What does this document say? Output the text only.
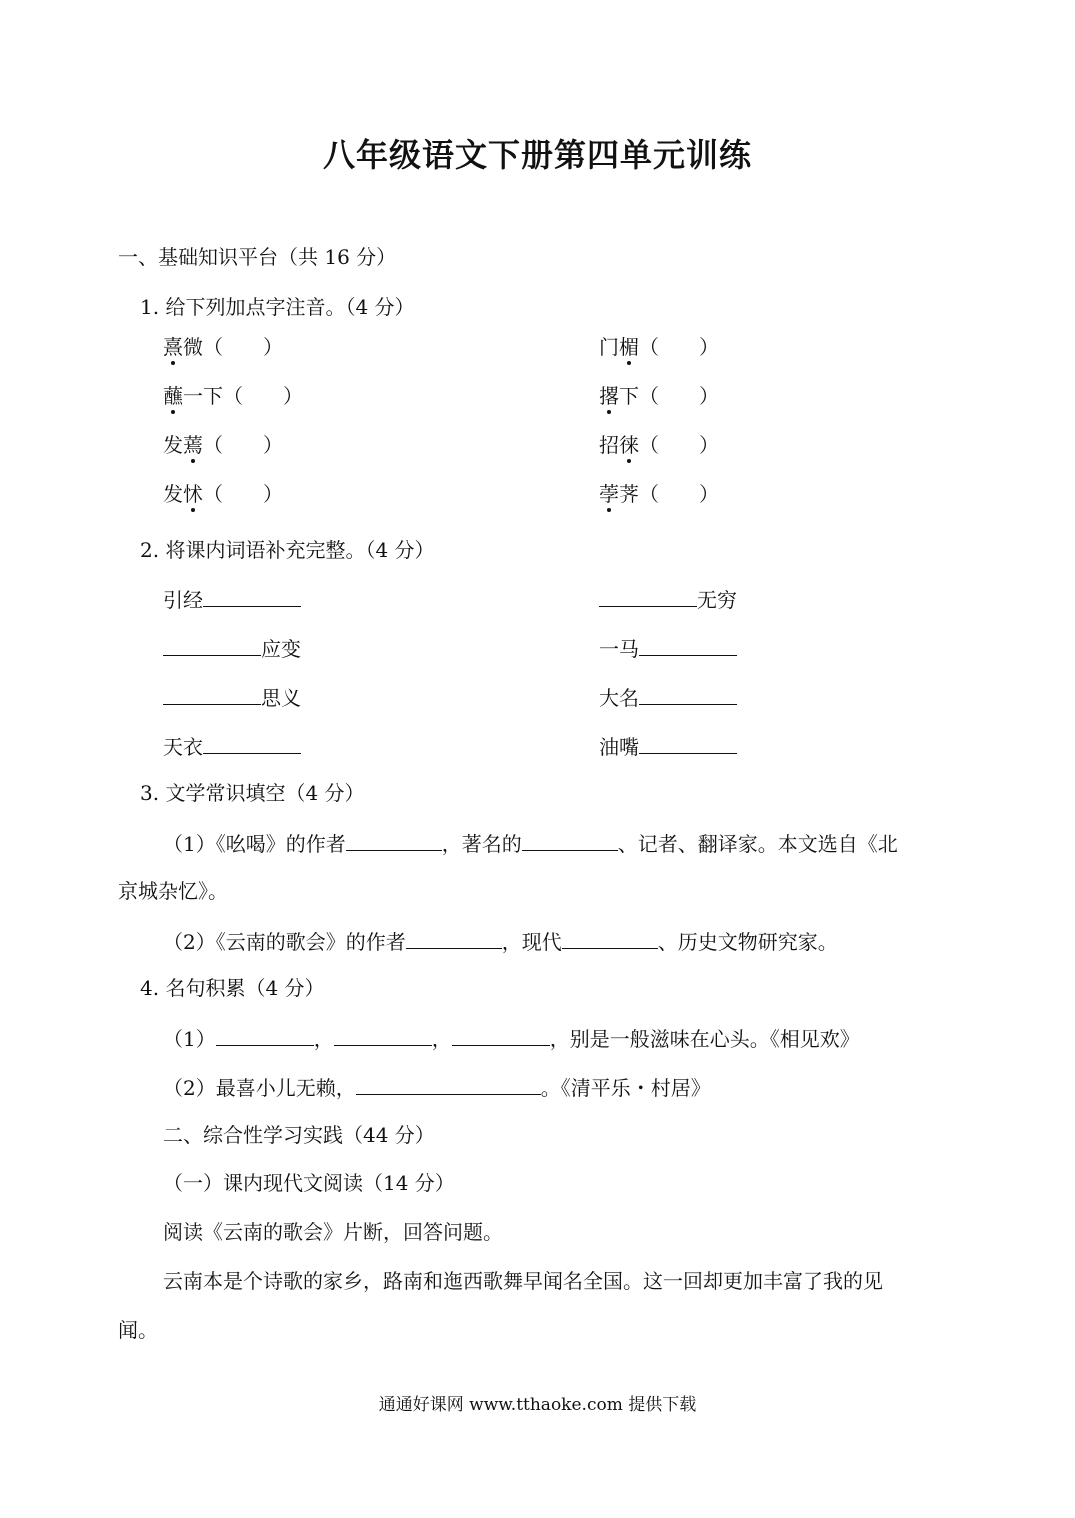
八年级语文下册第四单元训练
一、基础知识平台（共 16 分）
1. 给下列加点字注音。（4 分）
熹微（　　）	门楣（　　）
蘸一下（　　）	撂下（　　）
发蔫（　　）	招徕（　　）
发怵（　　）	荸荠（　　）
2. 将课内词语补充完整。（4 分）
引经	无穷
应变	一马
思义	大名
天衣	油嘴
3. 文学常识填空（4 分）
（1）《吆喝》的作者	，著名的	、记者、翻译家。本文选自《北
京城杂忆》。
（2）《云南的歌会》的作者	，现代	、历史文物研究家。
4. 名句积累（4 分）
（1）	，	，	，别是一般滋味在心头。《相见欢》
（2）最喜小儿无赖，	。《清平乐・村居》
二、综合性学习实践（44 分）
（一）课内现代文阅读（14 分）
阅读《云南的歌会》片断，回答问题。
云南本是个诗歌的家乡，路南和迤西歌舞早闻名全国。这一回却更加丰富了我的见
闻。
通通好课网 www.tthaoke.com 提供下载
